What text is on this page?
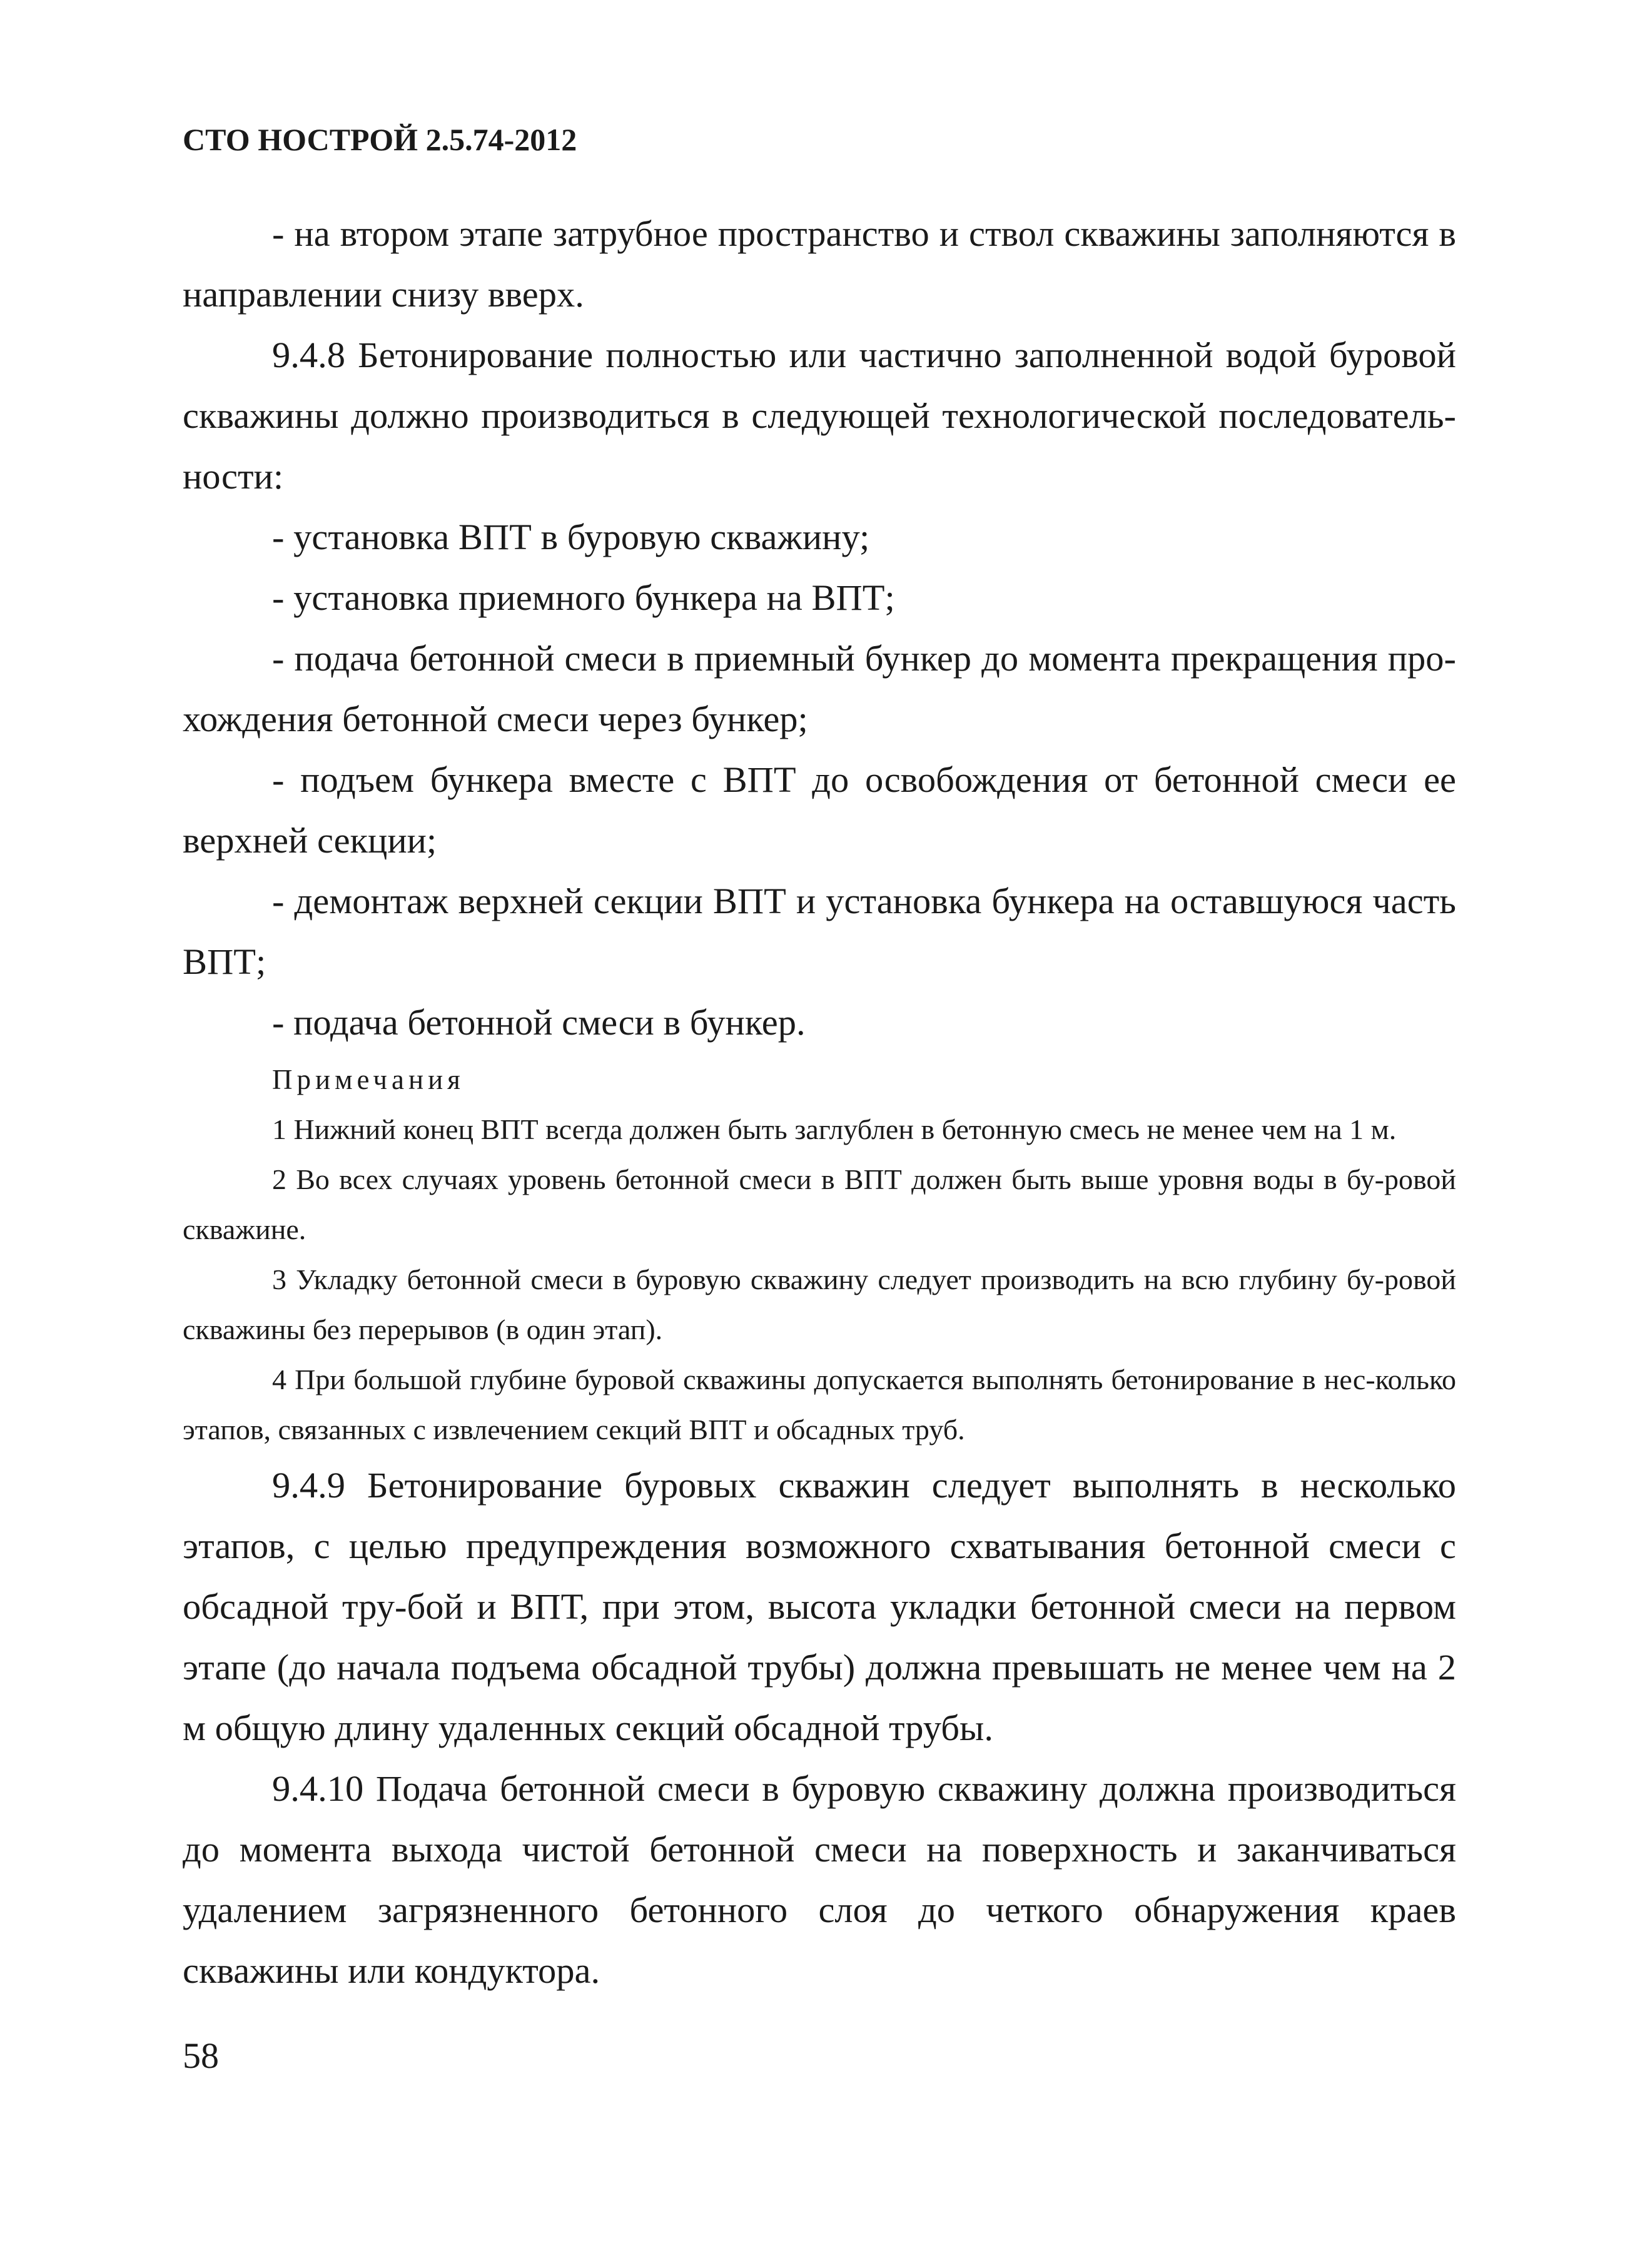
СТО НОСТРОЙ 2.5.74-2012

- на втором этапе затрубное пространство и ствол скважины заполняются в направлении снизу вверх.

9.4.8 Бетонирование полностью или частично заполненной водой буровой скважины должно производиться в следующей технологической последователь-ности:

- установка ВПТ в буровую скважину;

- установка приемного бункера на ВПТ;

- подача бетонной смеси в приемный бункер до момента прекращения про-хождения бетонной смеси через бункер;

- подъем бункера вместе с ВПТ до освобождения от бетонной смеси ее верхней секции;

- демонтаж верхней секции ВПТ и установка бункера на оставшуюся часть ВПТ;

- подача бетонной смеси в бункер.

Примечания

1 Нижний конец ВПТ всегда должен быть заглублен в бетонную смесь не менее чем на 1 м.

2 Во всех случаях уровень бетонной смеси в ВПТ должен быть выше уровня воды в бу-ровой скважине.

3 Укладку бетонной смеси в буровую скважину следует производить на всю глубину бу-ровой скважины без перерывов (в один этап).

4 При большой глубине буровой скважины допускается выполнять бетонирование в нес-колько этапов, связанных с извлечением секций ВПТ и обсадных труб.

9.4.9 Бетонирование буровых скважин следует выполнять в несколько этапов, с целью предупреждения возможного схватывания бетонной смеси с обсадной тру-бой и ВПТ, при этом, высота укладки бетонной смеси на первом этапе (до начала подъема обсадной трубы) должна превышать не менее чем на 2 м общую длину удаленных секций обсадной трубы.

9.4.10 Подача бетонной смеси в буровую скважину должна производиться до момента выхода чистой бетонной смеси на поверхность и заканчиваться удалением загрязненного бетонного слоя до четкого обнаружения краев скважины или кондуктора.

58
